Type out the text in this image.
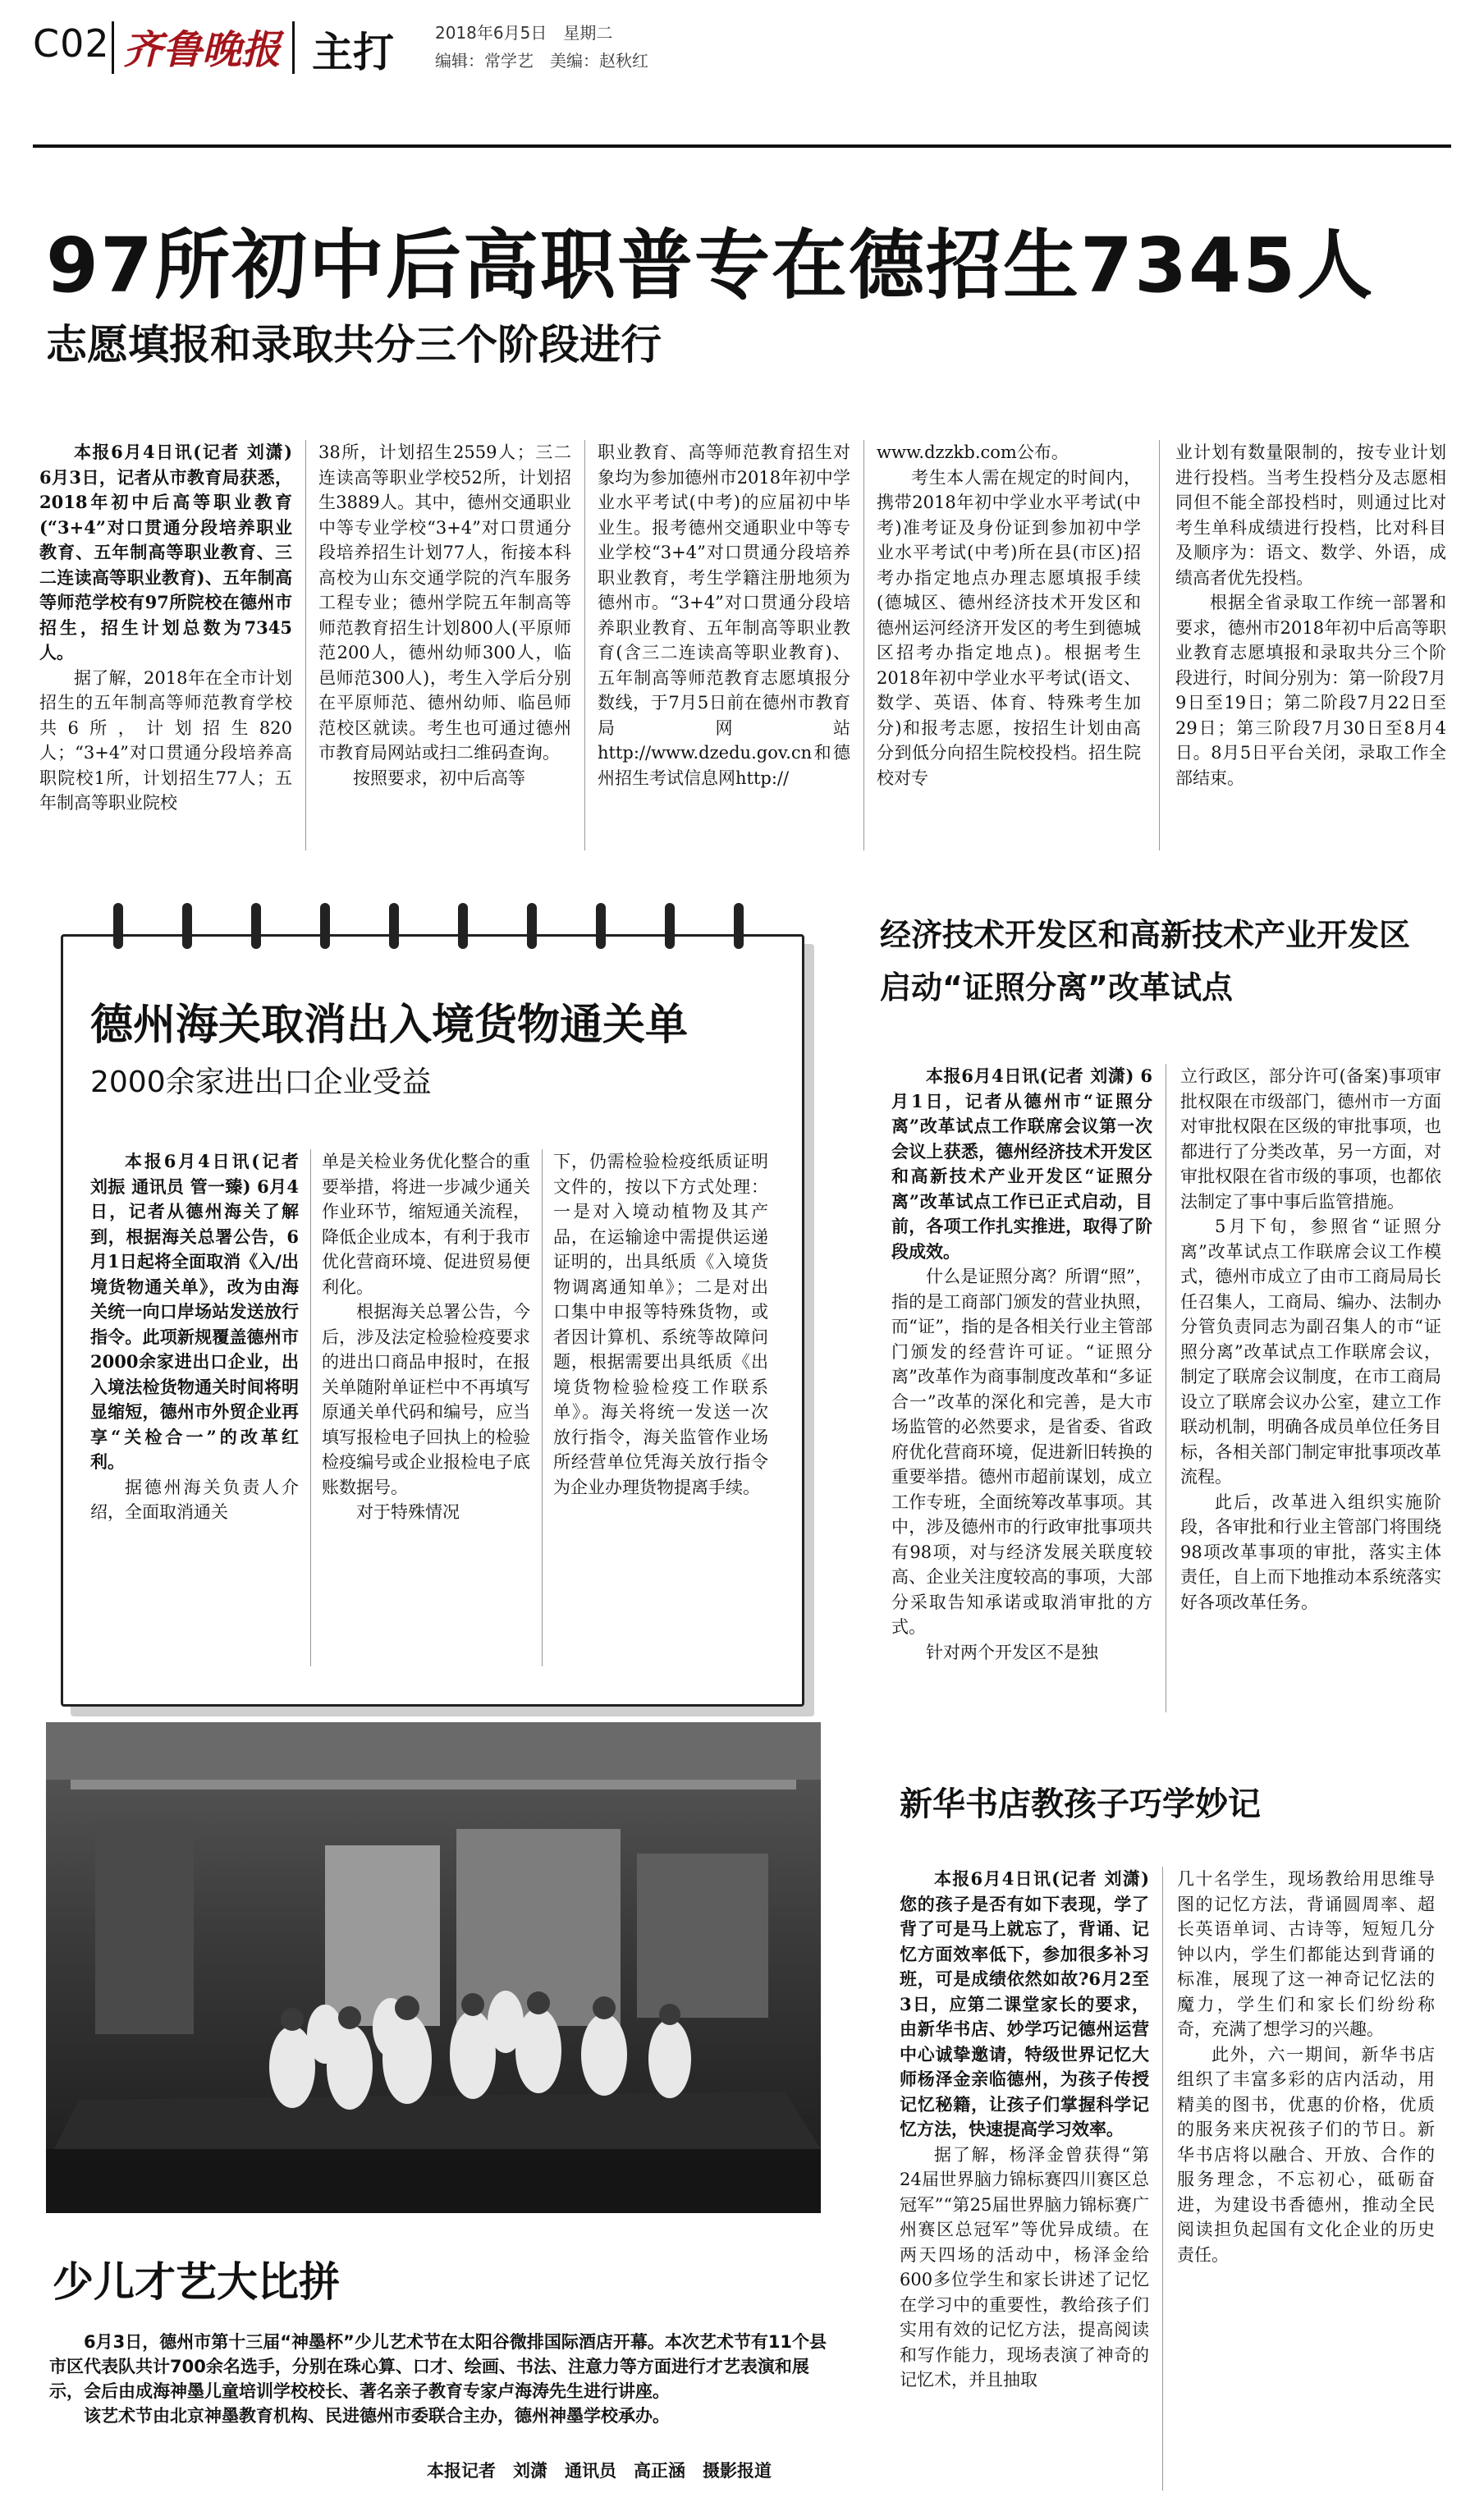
C02 齐鲁晚报 主打	2018年6月5日　星期二
编辑：常学艺　美编：赵秋红
97所初中后高职普专在德招生7345人
志愿填报和录取共分三个阶段进行

本报6月4日讯(记者 刘潇) 6月3日，记者从市教育局获悉，2018年初中后高等职业教育(“3+4”对口贯通分段培养职业教育、五年制高等职业教育、三二连读高等职业教育)、五年制高等师范学校有97所院校在德州市招生，招生计划总数为7345人。

据了解，2018年在全市计划招生的五年制高等师范教育学校共6所，计划招生820人；“3+4”对口贯通分段培养高职院校1所，计划招生77人；五年制高等职业院校

38所，计划招生2559人；三二连读高等职业学校52所，计划招生3889人。其中，德州交通职业中等专业学校“3+4”对口贯通分段培养招生计划77人，衔接本科高校为山东交通学院的汽车服务工程专业；德州学院五年制高等师范教育招生计划800人(平原师范200人，德州幼师300人，临邑师范300人)，考生入学后分别在平原师范、德州幼师、临邑师范校区就读。考生也可通过德州市教育局网站或扫二维码查询。

按照要求，初中后高等

职业教育、高等师范教育招生对象均为参加德州市2018年初中学业水平考试(中考)的应届初中毕业生。报考德州交通职业中等专业学校“3+4”对口贯通分段培养职业教育，考生学籍注册地须为德州市。“3+4”对口贯通分段培养职业教育、五年制高等职业教育(含三二连读高等职业教育)、五年制高等师范教育志愿填报分数线，于7月5日前在德州市教育局网站http://www.dzedu.gov.cn和德州招生考试信息网http://

www.dzzkb.com公布。

考生本人需在规定的时间内，携带2018年初中学业水平考试(中考)准考证及身份证到参加初中学业水平考试(中考)所在县(市区)招考办指定地点办理志愿填报手续(德城区、德州经济技术开发区和德州运河经济开发区的考生到德城区招考办指定地点)。根据考生2018年初中学业水平考试(语文、数学、英语、体育、特殊考生加分)和报考志愿，按招生计划由高分到低分向招生院校投档。招生院校对专

业计划有数量限制的，按专业计划进行投档。当考生投档分及志愿相同但不能全部投档时，则通过比对考生单科成绩进行投档，比对科目及顺序为：语文、数学、外语，成绩高者优先投档。

根据全省录取工作统一部署和要求，德州市2018年初中后高等职业教育志愿填报和录取共分三个阶段进行，时间分别为：第一阶段7月9日至19日；第二阶段7月22日至29日；第三阶段7月30日至8月4日。8月5日平台关闭，录取工作全部结束。

德州海关取消出入境货物通关单
2000余家进出口企业受益

本报6月4日讯(记者 刘振 通讯员 管一臻) 6月4日，记者从德州海关了解到，根据海关总署公告，6月1日起将全面取消《入/出境货物通关单》，改为由海关统一向口岸场站发送放行指令。此项新规覆盖德州市2000余家进出口企业，出入境法检货物通关时间将明显缩短，德州市外贸企业再享“关检合一”的改革红利。

据德州海关负责人介绍，全面取消通关

单是关检业务优化整合的重要举措，将进一步减少通关作业环节，缩短通关流程，降低企业成本，有利于我市优化营商环境、促进贸易便利化。

根据海关总署公告，今后，涉及法定检验检疫要求的进出口商品申报时，在报关单随附单证栏中不再填写原通关单代码和编号，应当填写报检电子回执上的检验检疫编号或企业报检电子底账数据号。

对于特殊情况

下，仍需检验检疫纸质证明文件的，按以下方式处理：一是对入境动植物及其产品，在运输途中需提供运递证明的，出具纸质《入境货物调离通知单》；二是对出口集中申报等特殊货物，或者因计算机、系统等故障问题，根据需要出具纸质《出境货物检验检疫工作联系单》。海关将统一发送一次放行指令，海关监管作业场所经营单位凭海关放行指令为企业办理货物提离手续。

经济技术开发区和高新技术产业开发区
启动“证照分离”改革试点

本报6月4日讯(记者 刘潇) 6月1日，记者从德州市“证照分离”改革试点工作联席会议第一次会议上获悉，德州经济技术开发区和高新技术产业开发区“证照分离”改革试点工作已正式启动，目前，各项工作扎实推进，取得了阶段成效。

什么是证照分离？所谓“照”，指的是工商部门颁发的营业执照，而“证”，指的是各相关行业主管部门颁发的经营许可证。“证照分离”改革作为商事制度改革和“多证合一”改革的深化和完善，是大市场监管的必然要求，是省委、省政府优化营商环境，促进新旧转换的重要举措。德州市超前谋划，成立工作专班，全面统筹改革事项。其中，涉及德州市的行政审批事项共有98项，对与经济发展关联度较高、企业关注度较高的事项，大部分采取告知承诺或取消审批的方式。

针对两个开发区不是独

立行政区，部分许可(备案)事项审批权限在市级部门，德州市一方面对审批权限在区级的审批事项，也都进行了分类改革，另一方面，对审批权限在省市级的事项，也都依法制定了事中事后监管措施。

5月下旬，参照省“证照分离”改革试点工作联席会议工作模式，德州市成立了由市工商局局长任召集人，工商局、编办、法制办分管负责同志为副召集人的市“证照分离”改革试点工作联席会议，制定了联席会议制度，在市工商局设立了联席会议办公室，建立工作联动机制，明确各成员单位任务目标，各相关部门制定审批事项改革流程。

此后，改革进入组织实施阶段，各审批和行业主管部门将围绕98项改革事项的审批，落实主体责任，自上而下地推动本系统落实好各项改革任务。

少儿才艺大比拼

6月3日，德州市第十三届“神墨杯”少儿艺术节在太阳谷微排国际酒店开幕。本次艺术节有11个县市区代表队共计700余名选手，分别在珠心算、口才、绘画、书法、注意力等方面进行才艺表演和展示，会后由成海神墨儿童培训学校校长、著名亲子教育专家卢海涛先生进行讲座。

该艺术节由北京神墨教育机构、民进德州市委联合主办，德州神墨学校承办。

本报记者　刘潇　通讯员　高正涵　摄影报道
新华书店教孩子巧学妙记

本报6月4日讯(记者 刘潇) 您的孩子是否有如下表现，学了背了可是马上就忘了，背诵、记忆方面效率低下，参加很多补习班，可是成绩依然如故?6月2至3日，应第二课堂家长的要求，由新华书店、妙学巧记德州运营中心诚挚邀请，特级世界记忆大师杨泽金亲临德州，为孩子传授记忆秘籍，让孩子们掌握科学记忆方法，快速提高学习效率。

据了解，杨泽金曾获得“第24届世界脑力锦标赛四川赛区总冠军”“第25届世界脑力锦标赛广州赛区总冠军”等优异成绩。在两天四场的活动中，杨泽金给600多位学生和家长讲述了记忆在学习中的重要性，教给孩子们实用有效的记忆方法，提高阅读和写作能力，现场表演了神奇的记忆术，并且抽取

几十名学生，现场教给用思维导图的记忆方法，背诵圆周率、超长英语单词、古诗等，短短几分钟以内，学生们都能达到背诵的标准，展现了这一神奇记忆法的魔力，学生们和家长们纷纷称奇，充满了想学习的兴趣。

此外，六一期间，新华书店组织了丰富多彩的店内活动，用精美的图书，优惠的价格，优质的服务来庆祝孩子们的节日。新华书店将以融合、开放、合作的服务理念，不忘初心，砥砺奋进，为建设书香德州，推动全民阅读担负起国有文化企业的历史责任。
